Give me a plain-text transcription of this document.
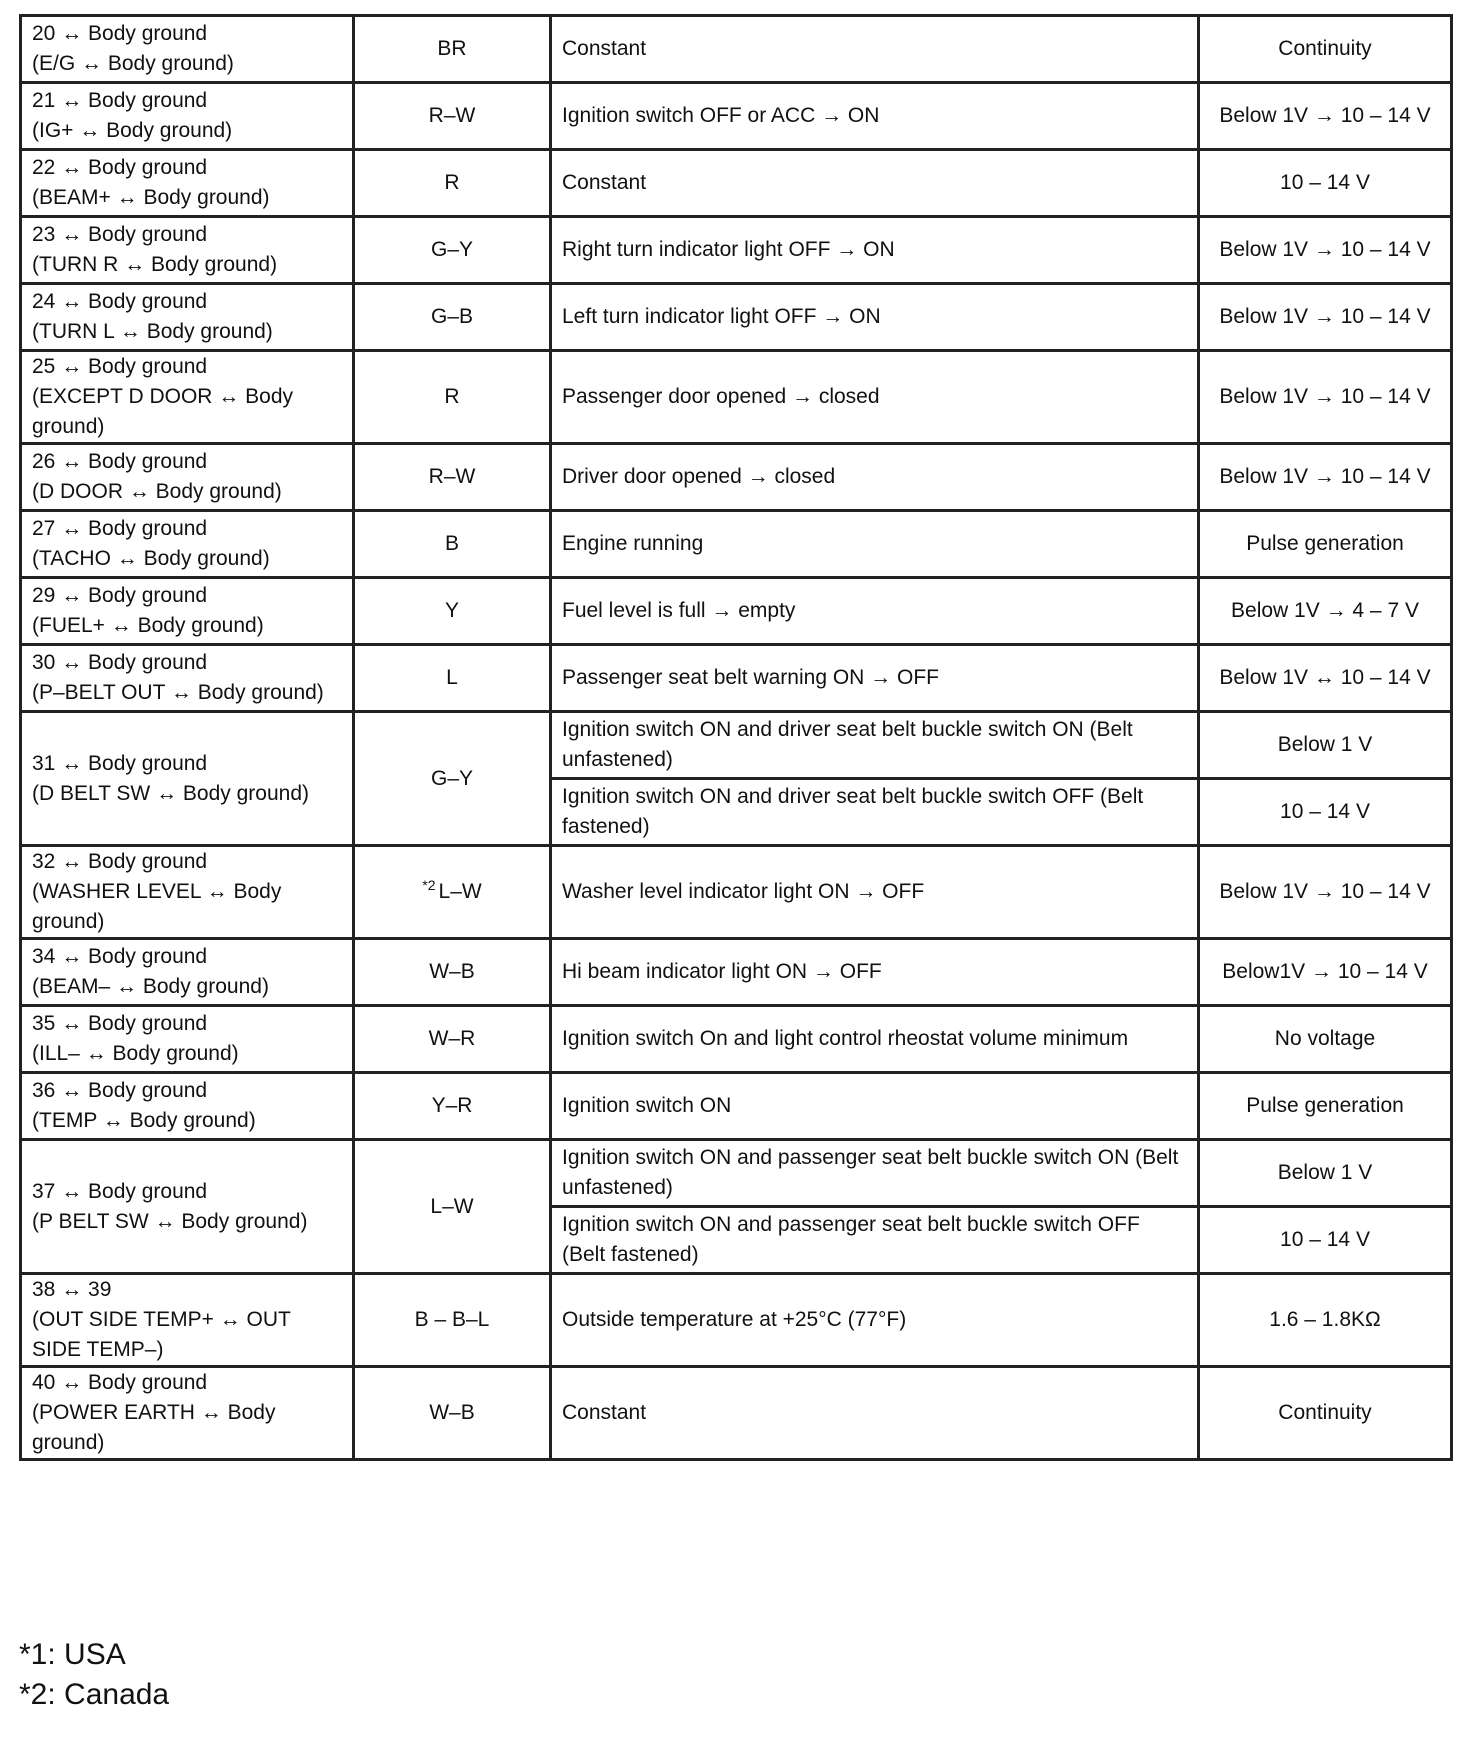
20 ↔ Body ground
(E/G ↔ Body ground)	BR	Constant	Continuity

21 ↔ Body ground
(IG+ ↔ Body ground)	R–W	Ignition switch OFF or ACC → ON	Below 1V → 10 – 14 V

22 ↔ Body ground
(BEAM+ ↔ Body ground)	R	Constant	10 – 14 V

23 ↔ Body ground
(TURN R ↔ Body ground)	G–Y	Right turn indicator light OFF → ON	Below 1V → 10 – 14 V

24 ↔ Body ground
(TURN L ↔ Body ground)	G–B	Left turn indicator light OFF → ON	Below 1V → 10 – 14 V

25 ↔ Body ground
(EXCEPT D DOOR ↔ Body
ground)	R	Passenger door opened → closed	Below 1V → 10 – 14 V

26 ↔ Body ground
(D DOOR ↔ Body ground)	R–W	Driver door opened → closed	Below 1V → 10 – 14 V

27 ↔ Body ground
(TACHO ↔ Body ground)	B	Engine running	Pulse generation

29 ↔ Body ground
(FUEL+ ↔ Body ground)	Y	Fuel level is full → empty	Below 1V → 4 – 7 V

30 ↔ Body ground
(P–BELT OUT ↔ Body ground)	L	Passenger seat belt warning ON → OFF	Below 1V ↔ 10 – 14 V

31 ↔ Body ground
(D BELT SW ↔ Body ground)	G–Y	Ignition switch ON and driver seat belt buckle switch ON (Belt unfastened)	Below 1 V
		Ignition switch ON and driver seat belt buckle switch OFF (Belt fastened)	10 – 14 V

32 ↔ Body ground
(WASHER LEVEL ↔ Body
ground)	$^{*2}$ L–W	Washer level indicator light ON → OFF	Below 1V → 10 – 14 V

34 ↔ Body ground
(BEAM– ↔ Body ground)	W–B	Hi beam indicator light ON → OFF	Below1V → 10 – 14 V

35 ↔ Body ground
(ILL– ↔ Body ground)	W–R	Ignition switch On and light control rheostat volume minimum	No voltage

36 ↔ Body ground
(TEMP ↔ Body ground)	Y–R	Ignition switch ON	Pulse generation

37 ↔ Body ground
(P BELT SW ↔ Body ground)	L–W	Ignition switch ON and passenger seat belt buckle switch ON (Belt unfastened)	Below 1 V
		Ignition switch ON and passenger seat belt buckle switch OFF (Belt fastened)	10 – 14 V

38 ↔ 39
(OUT SIDE TEMP+ ↔ OUT
SIDE TEMP–)	B – B–L	Outside temperature at +25°C (77°F)	1.6 – 1.8KΩ

40 ↔ Body ground
(POWER EARTH ↔ Body
ground)	W–B	Constant	Continuity
*1: USA
*2: Canada
